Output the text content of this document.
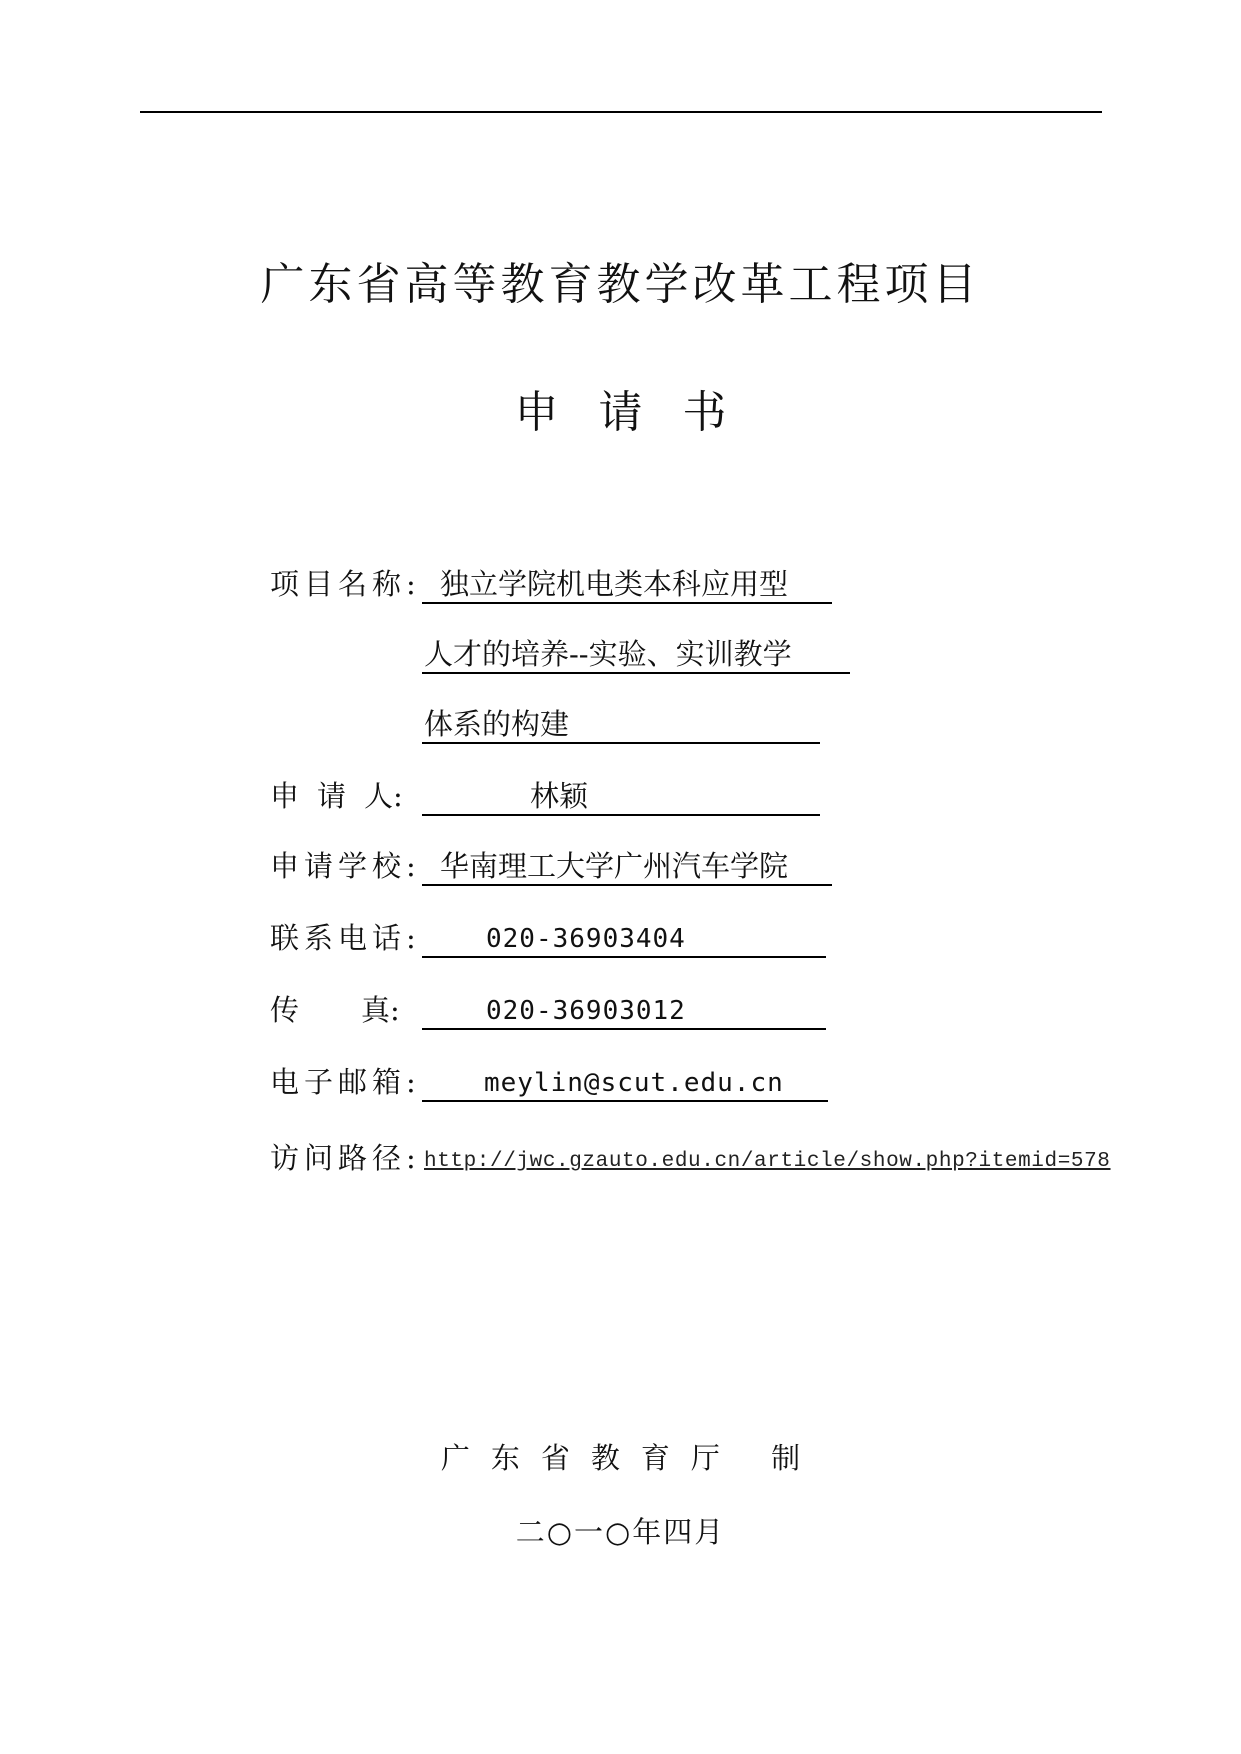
广东省高等教育教学改革工程项目
申请书
项目名称: 独立学院机电类本科应用型
人才的培养--实验、实训教学
体系的构建
申 请 人:	林颖
申请学校: 华南理工大学广州汽车学院
联系电话:	020-36903404
传 真:	020-36903012
电子邮箱: meylin@scut.edu.cn
访问路径: http://jwc.gzauto.edu.cn/article/show.php?itemid=578
广东省教育厅 制
二○一○年四月
